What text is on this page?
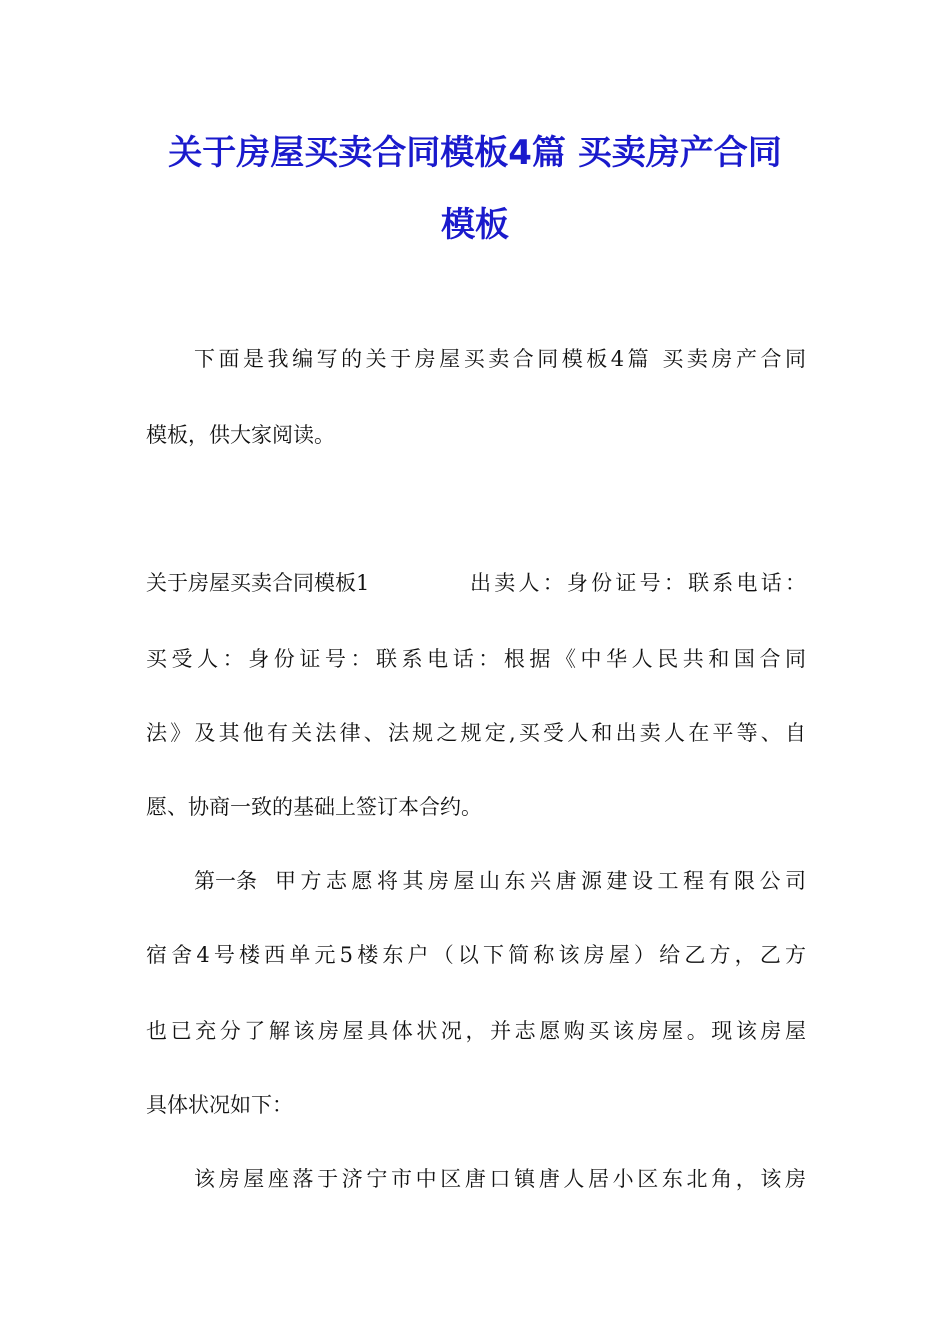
关于房屋买卖合同模板4篇 买卖房产合同
模板
下面是我编写的关于房屋买卖合同模板4篇 买卖房产合同
模板，供大家阅读。
关于房屋买卖合同模板1	出卖人：身份证号：联系电话：
买受人：身份证号：联系电话：根据《中华人民共和国合同
法》及其他有关法律、法规之规定,买受人和出卖人在平等、自
愿、协商一致的基础上签订本合约。
第一条 甲方志愿将其房屋山东兴唐源建设工程有限公司
宿舍4号楼西单元5楼东户（以下简称该房屋）给乙方，乙方
也已充分了解该房屋具体状况，并志愿购买该房屋。现该房屋
具体状况如下：
该房屋座落于济宁市中区唐口镇唐人居小区东北角，该房
